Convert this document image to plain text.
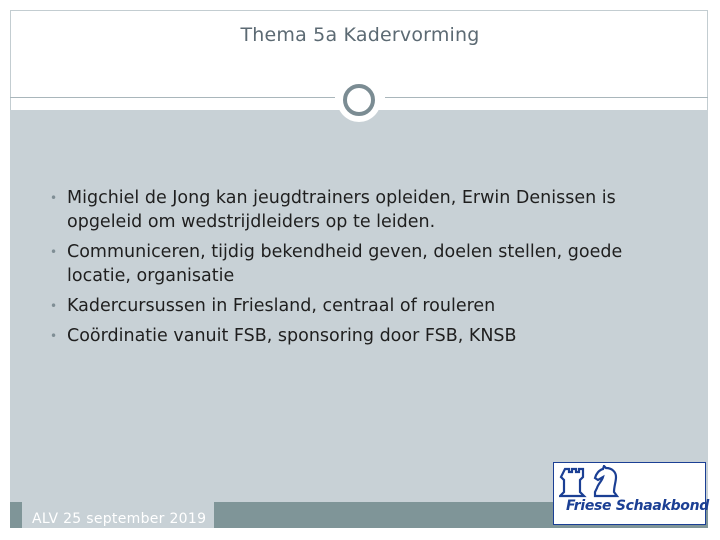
Thema 5a Kadervorming
• Migchiel de Jong kan jeugdtrainers opleiden, Erwin Denissen is opgeleid om wedstrijdleiders op te leiden.
• Communiceren, tijdig bekendheid geven, doelen stellen, goede locatie, organisatie
• Kadercursussen in Friesland, centraal of rouleren
• Coördinatie vanuit FSB, sponsoring door FSB, KNSB
ALV 25 september 2019
Friese Schaakbond
